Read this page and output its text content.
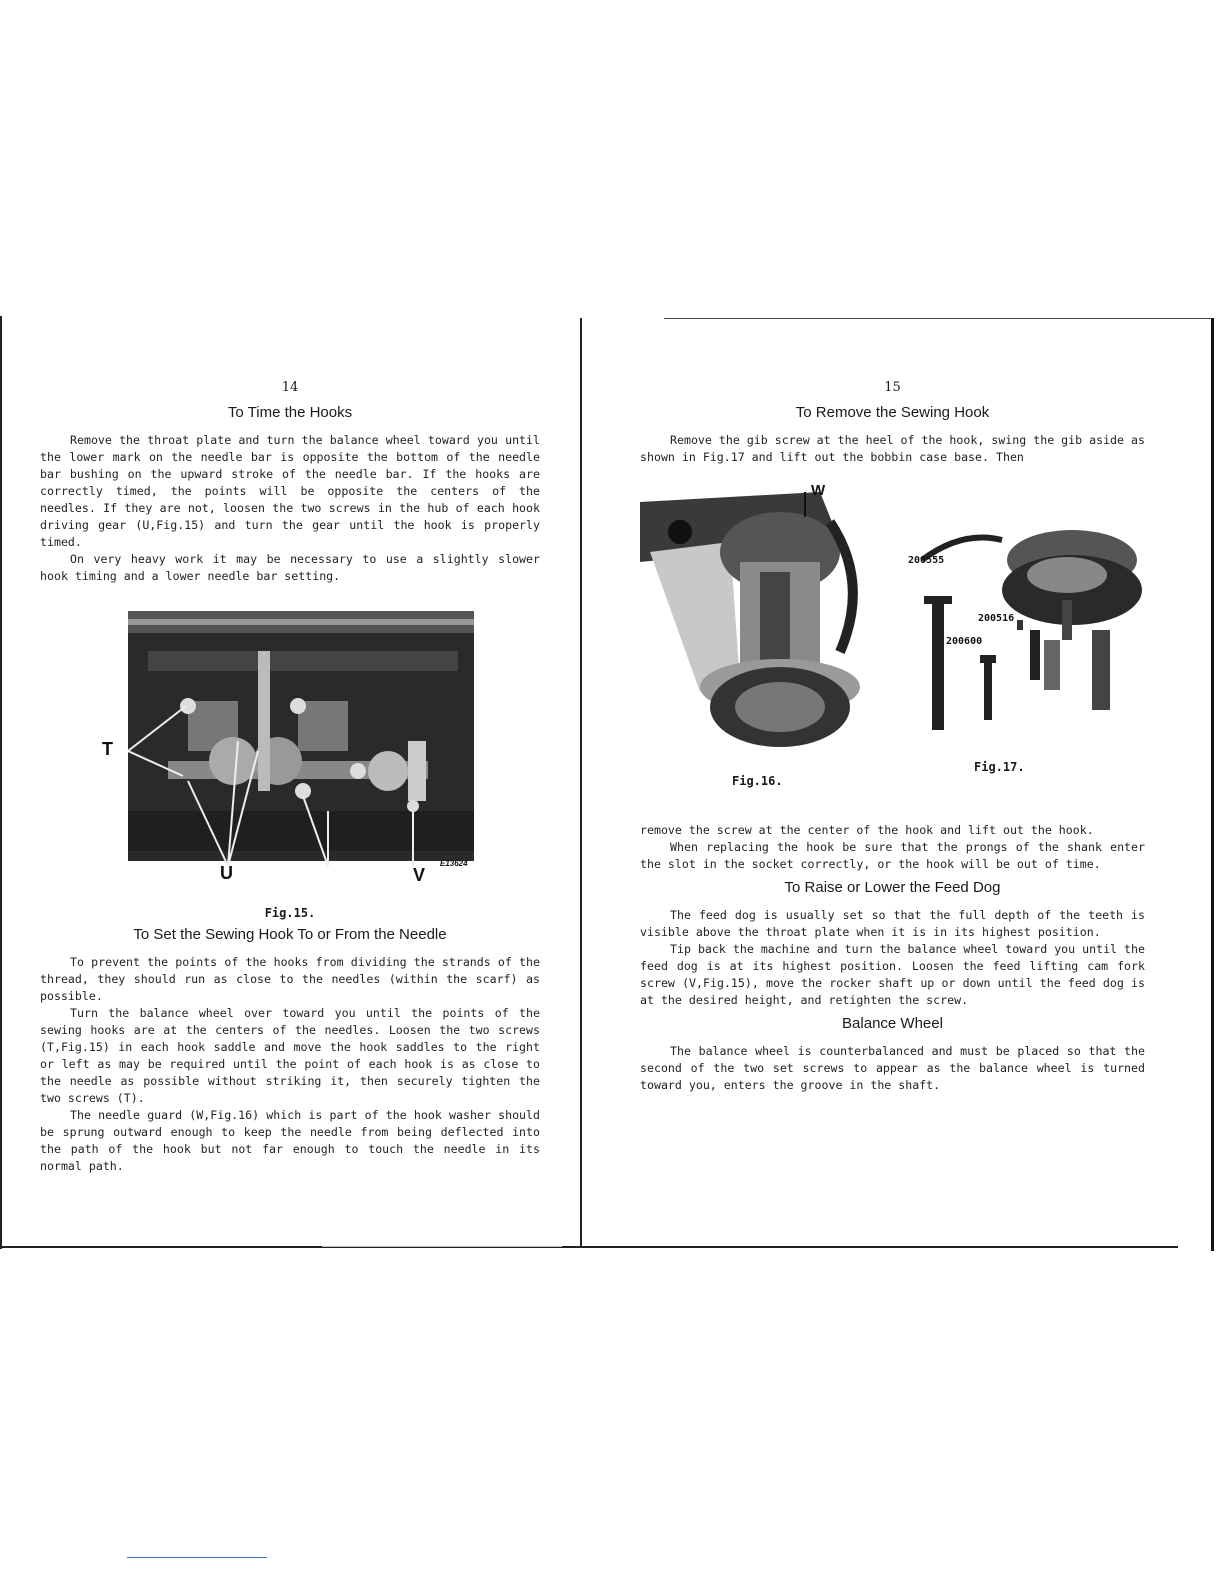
14
To Time the Hooks

Remove the throat plate and turn the balance wheel toward you until the lower mark on the needle bar is opposite the bottom of the needle bar bushing on the upward stroke of the needle bar. If the hooks are correctly timed, the points will be opposite the centers of the needles. If they are not, loosen the two screws in the hub of each hook driving gear (U,Fig.15) and turn the gear until the hook is properly timed.

On very heavy work it may be necessary to use a slightly slower hook timing and a lower needle bar setting.

T
U	V
E13624
Fig.15.
To Set the Sewing Hook To or From the Needle

To prevent the points of the hooks from dividing the strands of the thread, they should run as close to the needles (within the scarf) as possible.

Turn the balance wheel over toward you until the points of the sewing hooks are at the centers of the needles. Loosen the two screws (T,Fig.15) in each hook saddle and move the hook saddles to the right or left as may be required until the point of each hook is as close to the needle as possible without striking it, then securely tighten the two screws (T).

The needle guard (W,Fig.16) which is part of the hook washer should be sprung outward enough to keep the needle from being deflected into the path of the hook but not far enough to touch the needle in its normal path.

15
To Remove the Sewing Hook

Remove the gib screw at the heel of the hook, swing the gib aside as shown in Fig.17 and lift out the bobbin case base. Then

W
200555
200516
200600
Fig.16.
Fig.17.

remove the screw at the center of the hook and lift out the hook.

When replacing the hook be sure that the prongs of the shank enter the slot in the socket correctly, or the hook will be out of time.

To Raise or Lower the Feed Dog

The feed dog is usually set so that the full depth of the teeth is visible above the throat plate when it is in its highest position.

Tip back the machine and turn the balance wheel toward you until the feed dog is at its highest position. Loosen the feed lifting cam fork screw (V,Fig.15), move the rocker shaft up or down until the feed dog is at the desired height, and retighten the screw.

Balance Wheel

The balance wheel is counterbalanced and must be placed so that the second of the two set screws to appear as the balance wheel is turned toward you, enters the groove in the shaft.
